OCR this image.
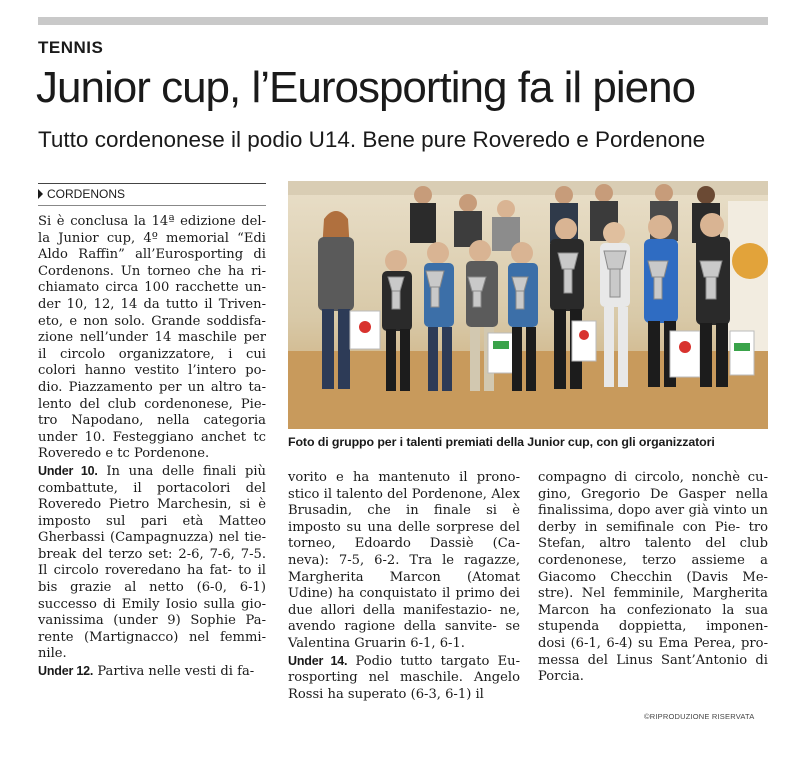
TENNIS
Junior cup, l’Eurosporting fa il pieno
Tutto cordenonese il podio U14. Bene pure Roveredo e Pordenone
CORDENONS

Si è conclusa la 14ª edizione del- la Junior cup, 4º memorial “Edi Aldo Raffin” all’Eurosporting di Cordenons. Un torneo che ha ri- chiamato circa 100 racchette un- der 10, 12, 14 da tutto il Triven- eto, e non solo. Grande soddisfa- zione nell’under 14 maschile per il circolo organizzatore, i cui colori hanno vestito l’intero po- dio. Piazzamento per un altro ta- lento del club cordenonese, Pie- tro Napodano, nella categoria under 10. Festeggiano anchet tc Roveredo e tc Pordenone.

Under 10. In una delle finali più combattute, il portacolori del Roveredo Pietro Marchesin, si è imposto sul pari età Matteo Gherbassi (Campagnuzza) nel tie-break del terzo set: 2-6, 7-6, 7-5. Il circolo roveredano ha fat- to il bis grazie al netto (6-0, 6-1) successo di Emily Iosio sulla gio- vanissima (under 9) Sophie Pa- rente (Martignacco) nel femmi- nile.

Under 12. Partiva nelle vesti di fa-

Foto di gruppo per i talenti premiati della Junior cup, con gli organizzatori

vorito e ha mantenuto il prono- stico il talento del Pordenone, Alex Brusadin, che in finale si è imposto su una delle sorprese del torneo, Edoardo Dassiè (Ca- neva): 7-5, 6-2. Tra le ragazze, Margherita Marcon (Atomat Udine) ha conquistato il primo dei due allori della manifestazio- ne, avendo ragione della sanvite- se Valentina Gruarin 6-1, 6-1.

Under 14. Podio tutto targato Eu- rosporting nel maschile. Angelo Rossi ha superato (6-3, 6-1) il

compagno di circolo, nonchè cu- gino, Gregorio De Gasper nella finalissima, dopo aver già vinto un derby in semifinale con Pie- tro Stefan, altro talento del club cordenonese, terzo assieme a Giacomo Checchin (Davis Me- stre). Nel femminile, Margherita Marcon ha confezionato la sua stupenda doppietta, imponen- dosi (6-1, 6-4) su Ema Perea, pro- messa del Linus Sant’Antonio di Porcia.

©RIPRODUZIONE RISERVATA
